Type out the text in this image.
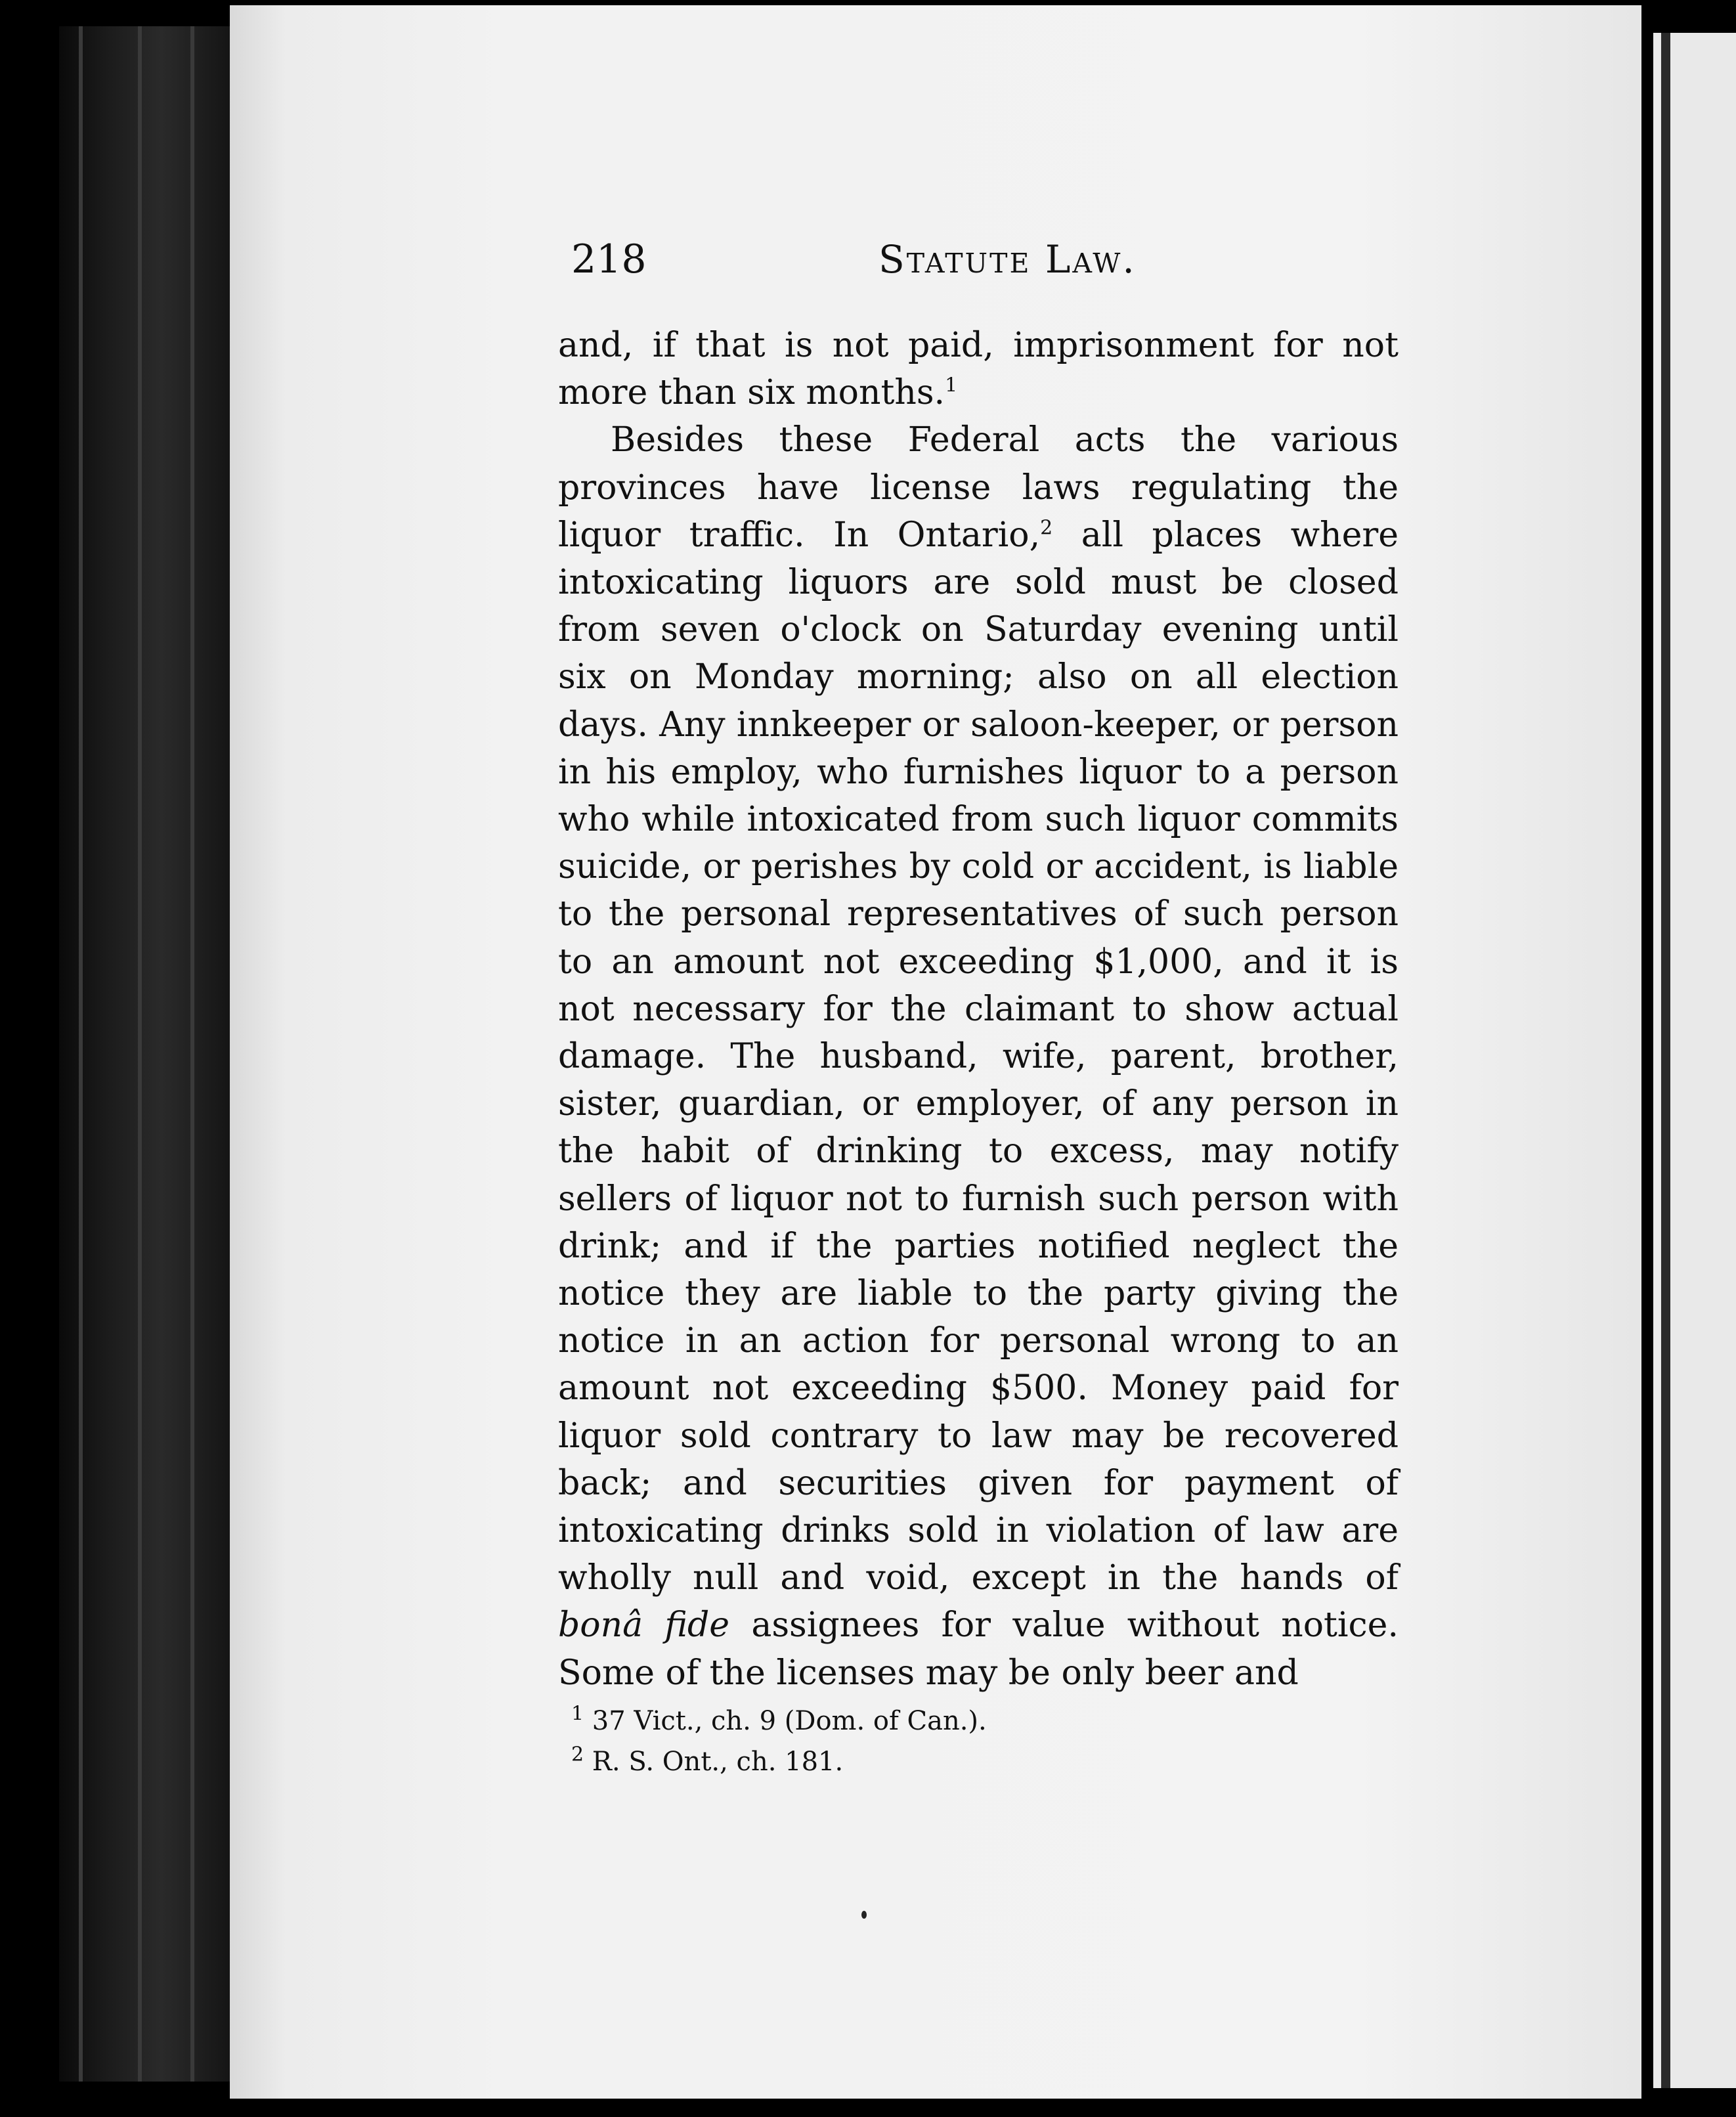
218	Statute Law.

and, if that is not paid, imprisonment for not more than six months.$^1$

Besides these Federal acts the various provinces have license laws regulating the liquor traffic. In Ontario,$^2$ all places where intoxicating liquors are sold must be closed from seven o'clock on Saturday evening until six on Monday morning; also on all election days. Any innkeeper or saloon-keeper, or person in his employ, who furnishes liquor to a person who while intoxicated from such liquor commits suicide, or perishes by cold or accident, is liable to the personal representatives of such person to an amount not exceeding $1,000, and it is not necessary for the claimant to show actual damage. The husband, wife, parent, brother, sister, guardian, or employer, of any person in the habit of drinking to excess, may notify sellers of liquor not to furnish such person with drink; and if the parties notified neglect the notice they are liable to the party giving the notice in an action for personal wrong to an amount not exceeding $500. Money paid for liquor sold contrary to law may be recovered back; and securities given for payment of intoxicating drinks sold in violation of law are wholly null and void, except in the hands of bonâ fide assignees for value without notice. Some of the licenses may be only beer and

$^1$ 37 Vict., ch. 9 (Dom. of Can.).
$^2$ R. S. Ont., ch. 181.
